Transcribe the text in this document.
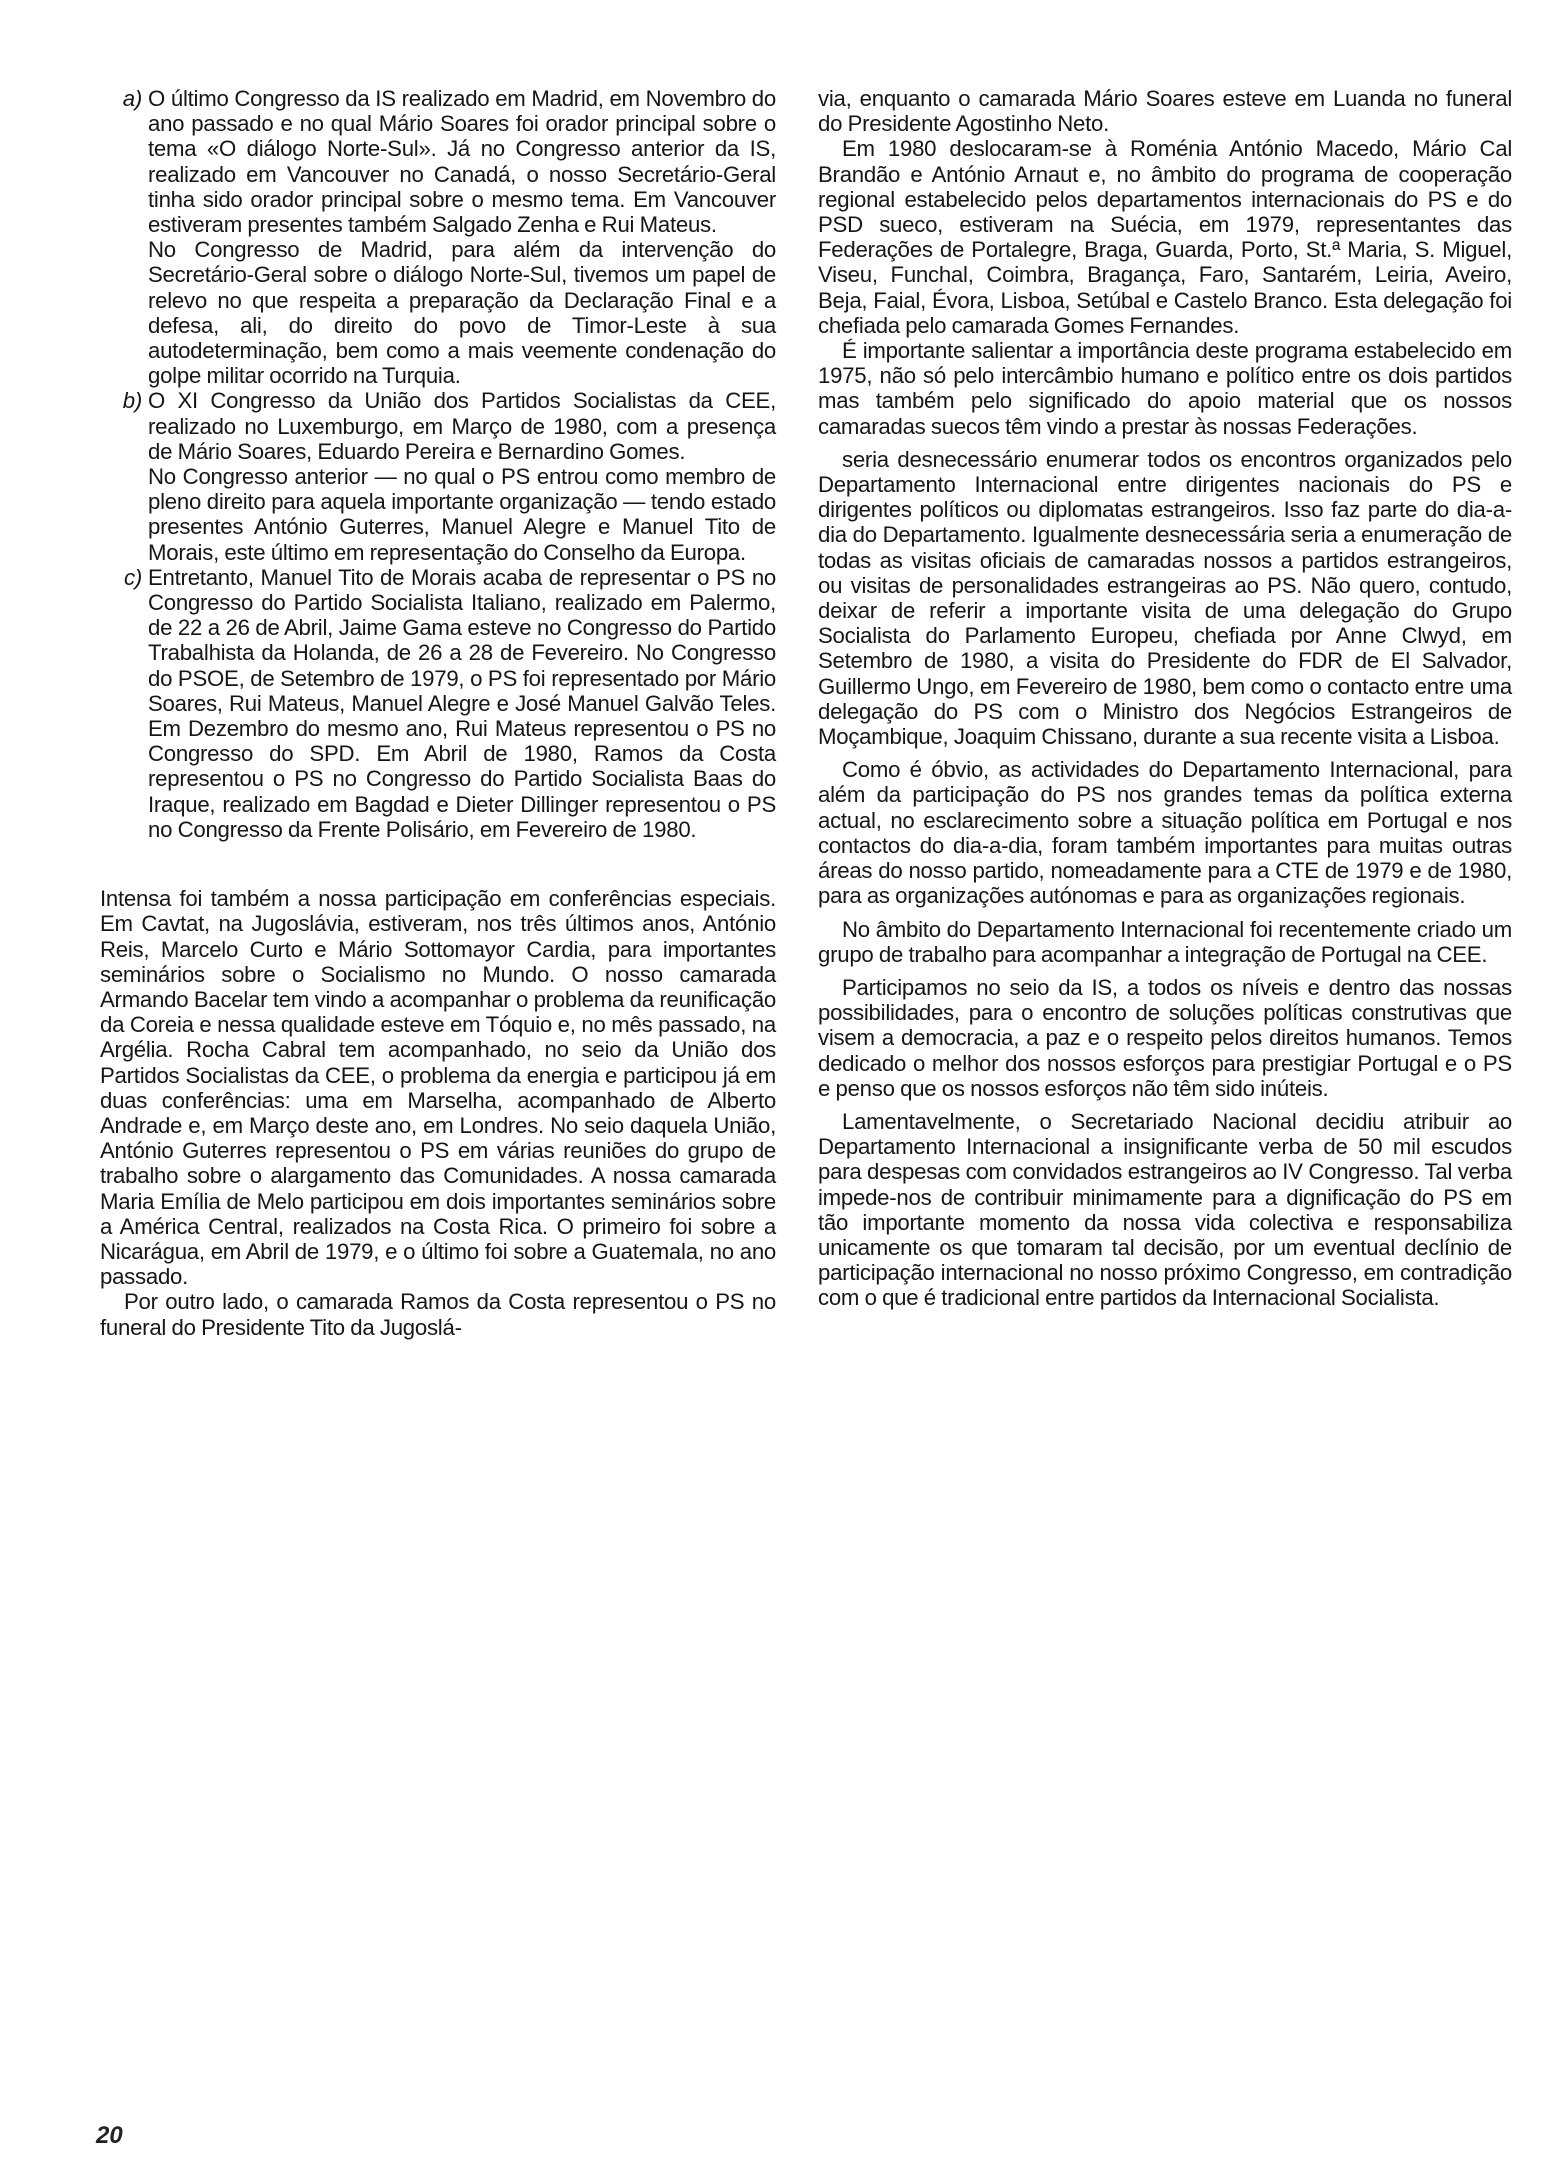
a) O último Congresso da IS realizado em Madrid, em Novembro do ano passado e no qual Mário Soares foi orador principal sobre o tema «O diálogo Norte-Sul». Já no Congresso anterior da IS, realizado em Vancouver no Canadá, o nosso Secretário-Geral tinha sido orador principal sobre o mesmo tema. Em Vancouver estiveram presentes também Salgado Zenha e Rui Mateus.

No Congresso de Madrid, para além da intervenção do Secretário-Geral sobre o diálogo Norte-Sul, tivemos um papel de relevo no que respeita a preparação da Declaração Final e a defesa, ali, do direito do povo de Timor-Leste à sua autodeterminação, bem como a mais veemente condenação do golpe militar ocorrido na Turquia.

b) O XI Congresso da União dos Partidos Socialistas da CEE, realizado no Luxemburgo, em Março de 1980, com a presença de Mário Soares, Eduardo Pereira e Bernardino Gomes.

No Congresso anterior — no qual o PS entrou como membro de pleno direito para aquela importante organização — tendo estado presentes António Guterres, Manuel Alegre e Manuel Tito de Morais, este último em representação do Conselho da Europa.

c) Entretanto, Manuel Tito de Morais acaba de representar o PS no Congresso do Partido Socialista Italiano, realizado em Palermo, de 22 a 26 de Abril, Jaime Gama esteve no Congresso do Partido Trabalhista da Holanda, de 26 a 28 de Fevereiro. No Congresso do PSOE, de Setembro de 1979, o PS foi representado por Mário Soares, Rui Mateus, Manuel Alegre e José Manuel Galvão Teles. Em Dezembro do mesmo ano, Rui Mateus representou o PS no Congresso do SPD. Em Abril de 1980, Ramos da Costa representou o PS no Congresso do Partido Socialista Baas do Iraque, realizado em Bagdad e Dieter Dillinger representou o PS no Congresso da Frente Polisário, em Fevereiro de 1980.

Intensa foi também a nossa participação em conferências especiais. Em Cavtat, na Jugoslávia, estiveram, nos três últimos anos, António Reis, Marcelo Curto e Mário Sottomayor Cardia, para importantes seminários sobre o Socialismo no Mundo. O nosso camarada Armando Bacelar tem vindo a acompanhar o problema da reunificação da Coreia e nessa qualidade esteve em Tóquio e, no mês passado, na Argélia. Rocha Cabral tem acompanhado, no seio da União dos Partidos Socialistas da CEE, o problema da energia e participou já em duas conferências: uma em Marselha, acompanhado de Alberto Andrade e, em Março deste ano, em Londres. No seio daquela União, António Guterres representou o PS em várias reuniões do grupo de trabalho sobre o alargamento das Comunidades. A nossa camarada Maria Emília de Melo participou em dois importantes seminários sobre a América Central, realizados na Costa Rica. O primeiro foi sobre a Nicarágua, em Abril de 1979, e o último foi sobre a Guatemala, no ano passado.

Por outro lado, o camarada Ramos da Costa representou o PS no funeral do Presidente Tito da Jugoslá-

via, enquanto o camarada Mário Soares esteve em Luanda no funeral do Presidente Agostinho Neto.

Em 1980 deslocaram-se à Roménia António Macedo, Mário Cal Brandão e António Arnaut e, no âmbito do programa de cooperação regional estabelecido pelos departamentos internacionais do PS e do PSD sueco, estiveram na Suécia, em 1979, representantes das Federações de Portalegre, Braga, Guarda, Porto, St.ª Maria, S. Miguel, Viseu, Funchal, Coimbra, Bragança, Faro, Santarém, Leiria, Aveiro, Beja, Faial, Évora, Lisboa, Setúbal e Castelo Branco. Esta delegação foi chefiada pelo camarada Gomes Fernandes.

É importante salientar a importância deste programa estabelecido em 1975, não só pelo intercâmbio humano e político entre os dois partidos mas também pelo significado do apoio material que os nossos camaradas suecos têm vindo a prestar às nossas Federações.

seria desnecessário enumerar todos os encontros organizados pelo Departamento Internacional entre dirigentes nacionais do PS e dirigentes políticos ou diplomatas estrangeiros. Isso faz parte do dia-a-dia do Departamento. Igualmente desnecessária seria a enumeração de todas as visitas oficiais de camaradas nossos a partidos estrangeiros, ou visitas de personalidades estrangeiras ao PS. Não quero, contudo, deixar de referir a importante visita de uma delegação do Grupo Socialista do Parlamento Europeu, chefiada por Anne Clwyd, em Setembro de 1980, a visita do Presidente do FDR de El Salvador, Guillermo Ungo, em Fevereiro de 1980, bem como o contacto entre uma delegação do PS com o Ministro dos Negócios Estrangeiros de Moçambique, Joaquim Chissano, durante a sua recente visita a Lisboa.

Como é óbvio, as actividades do Departamento Internacional, para além da participação do PS nos grandes temas da política externa actual, no esclarecimento sobre a situação política em Portugal e nos contactos do dia-a-dia, foram também importantes para muitas outras áreas do nosso partido, nomeadamente para a CTE de 1979 e de 1980, para as organizações autónomas e para as organizações regionais.

No âmbito do Departamento Internacional foi recentemente criado um grupo de trabalho para acompanhar a integração de Portugal na CEE.

Participamos no seio da IS, a todos os níveis e dentro das nossas possibilidades, para o encontro de soluções políticas construtivas que visem a democracia, a paz e o respeito pelos direitos humanos. Temos dedicado o melhor dos nossos esforços para prestigiar Portugal e o PS e penso que os nossos esforços não têm sido inúteis.

Lamentavelmente, o Secretariado Nacional decidiu atribuir ao Departamento Internacional a insignificante verba de 50 mil escudos para despesas com convidados estrangeiros ao IV Congresso. Tal verba impede-nos de contribuir minimamente para a dignificação do PS em tão importante momento da nossa vida colectiva e responsabiliza unicamente os que tomaram tal decisão, por um eventual declínio de participação internacional no nosso próximo Congresso, em contradição com o que é tradicional entre partidos da Internacional Socialista.

20
